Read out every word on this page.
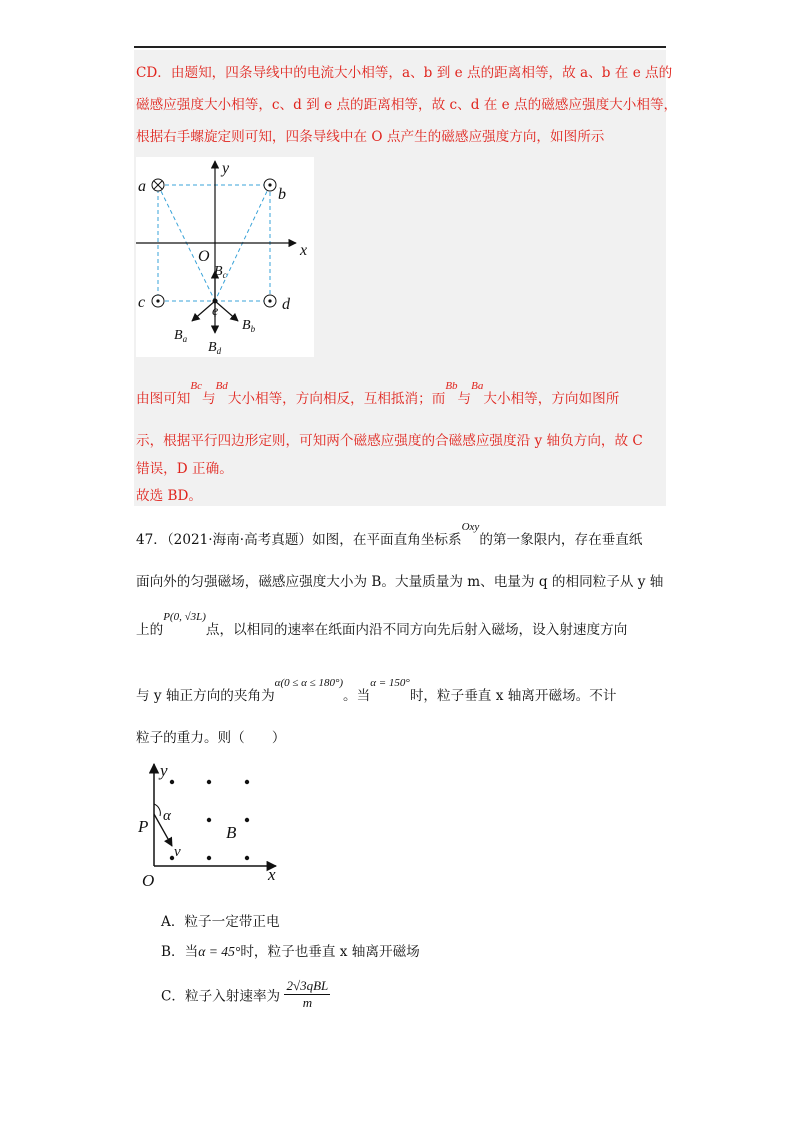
CD．由题知，四条导线中的电流大小相等，a、b 到 e 点的距离相等，故 a、b 在 e 点的
磁感应强度大小相等，c、d 到 e 点的距离相等，故 c、d 在 e 点的磁感应强度大小相等，
根据右手螺旋定则可知，四条导线中在 O 点产生的磁感应强度方向，如图所示
a	b
c	d
O	x
y
e
$B_c$
$B_a$
$B_b$
$B_d$
由图可知$^{Bc}$与$^{Bd}$大小相等，方向相反，互相抵消；而$^{Bb}$与$^{Ba}$大小相等，方向如图所
示，根据平行四边形定则，可知两个磁感应强度的合磁感应强度沿 y 轴负方向，故 C
错误，D 正确。
故选 BD。
47．（2021·海南·高考真题）如图，在平面直角坐标系$^{Oxy}$的第一象限内，存在垂直纸
面向外的匀强磁场，磁感应强度大小为 B。大量质量为 m、电量为 q 的相同粒子从 y 轴
上的$^{P(0, √3L)}$点，以相同的速率在纸面内沿不同方向先后射入磁场，设入射速度方向
与 y 轴正方向的夹角为$^{\alpha(0 \le \alpha \le 180^\circ)}$。当$^{\alpha = 150^\circ}$时，粒子垂直 x 轴离开磁场。不计
粒子的重力。则（　　）
y
x
O
P
α
v
B
A．粒子一定带正电
B．当α = 45°时，粒子也垂直 x 轴离开磁场
C．粒子入射速率为 $\frac{\text{2√3qBL}}{m}$
